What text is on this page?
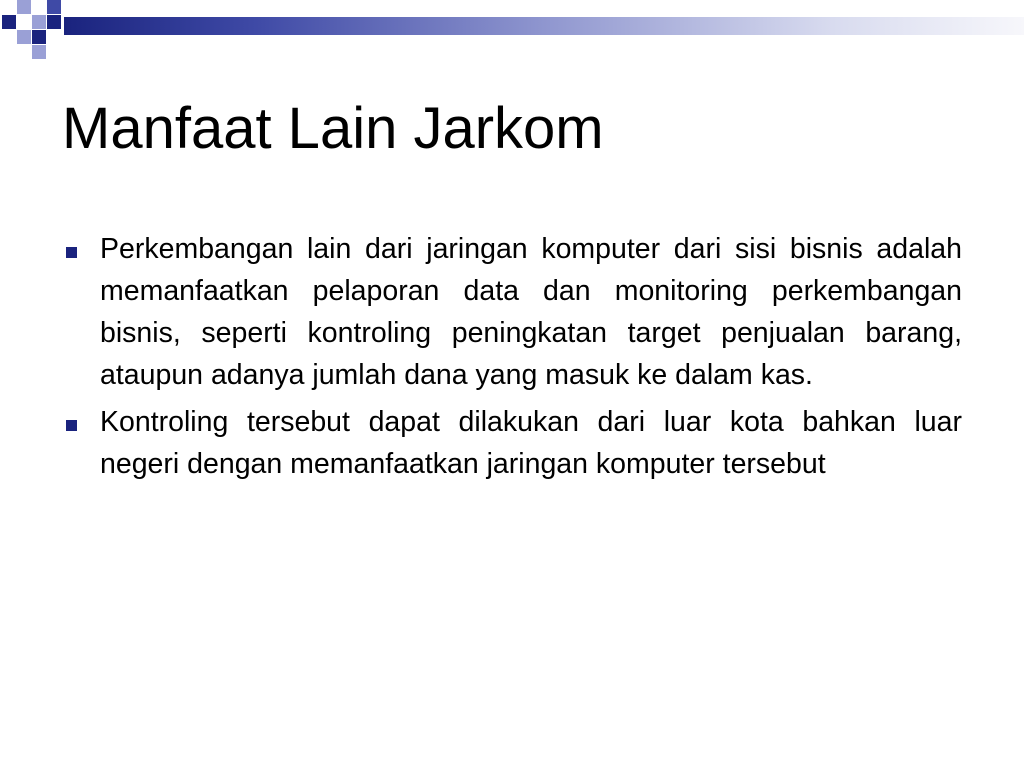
Manfaat Lain Jarkom
Perkembangan lain dari jaringan komputer dari sisi bisnis adalah memanfaatkan pelaporan data dan monitoring perkembangan bisnis, seperti kontroling peningkatan target penjualan barang, ataupun adanya jumlah dana yang masuk ke dalam kas.
Kontroling tersebut dapat dilakukan dari luar kota bahkan luar negeri dengan memanfaatkan jaringan komputer tersebut
